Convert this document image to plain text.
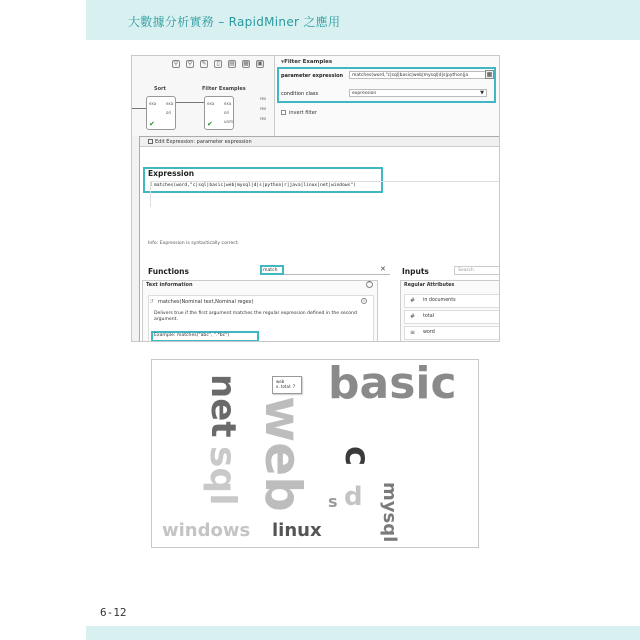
大數據分析實務 – RapidMiner 之應用
⚲ ⚲ ✎	▯	▤ ▦ ▣
Sort
exa exa
ori
✔
Filter Examples
exa exa
ori
unm
✔
res
res
res
▼ Filter Examples
parameter expression	matches(word,"c|sql|basic|web|mysql|d|s|python|ja	▦
condition class	expression	▼
invert filter
Edit Expression: parameter expression
Expression
1 matches(word,"c|sql|basic|web|mysql|d|s|python|r|java|linux|net|windows")
Info: Expression is syntactically correct.
Functions	match	✕ Inputs	Search
Text information	⌃
ℱ matches(Nominal text,Nominal regex)	i
Delivers true if the first argument matches the regular expression defined in the second argument.
Example: matches("abc", ".*bc")
Regular Attributes
# in documents
# total
≡ word
web
x. total: 7 basic
net web
sql	c
d
s mysql
windows linux
6-12
